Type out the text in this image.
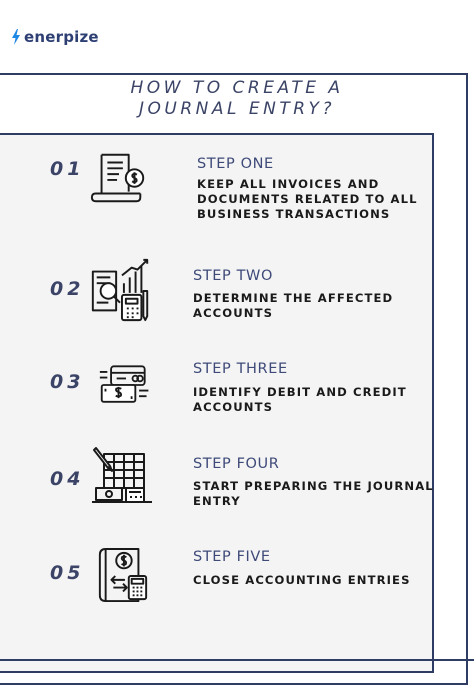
enerpize
HOW TO CREATE A
JOURNAL ENTRY?
01	STEP ONE
KEEP ALL INVOICES AND DOCUMENTS RELATED TO ALL BUSINESS TRANSACTIONS
02
STEP TWO
DETERMINE THE AFFECTED ACCOUNTS
03
STEP THREE
IDENTIFY DEBIT AND CREDIT ACCOUNTS
04
STEP FOUR
START PREPARING THE JOURNAL ENTRY
05
STEP FIVE
CLOSE ACCOUNTING ENTRIES
